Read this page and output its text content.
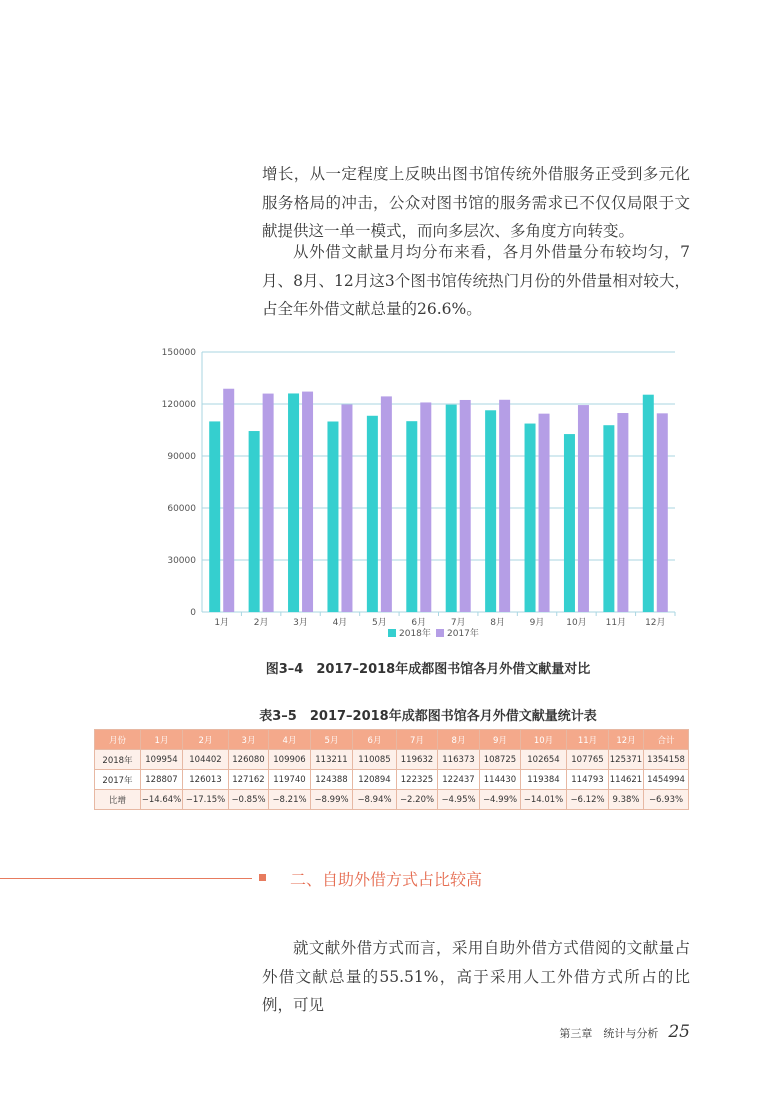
增长，从一定程度上反映出图书馆传统外借服务正受到多元化服务格局的冲击，公众对图书馆的服务需求已不仅仅局限于文献提供这一单一模式，而向多层次、多角度方向转变。

从外借文献量月均分布来看，各月外借量分布较均匀，7月、8月、12月这3个图书馆传统热门月份的外借量相对较大，占全年外借文献总量的26.6%。

0
30000
60000
90000
120000
150000
1月	2月	3月	4月	5月	6月	7月	8月	9月 10月 11月 12月
2018年 2017年
图3–4　2017–2018年成都图书馆各月外借文献量对比
表3–5　2017–2018年成都图书馆各月外借文献量统计表
月份	1月	2月	3月	4月	5月	6月	7月	8月	9月	10月	11月	12月	合计
2018年	109954	104402	126080	109906	113211	110085	119632	116373	108725	102654	107765	125371	1354158
2017年	128807	126013	127162	119740	124388	120894	122325	122437	114430	119384	114793	114621	1454994
比增	−14.64%	−17.15%	−0.85%	−8.21%	−8.99%	−8.94%	−2.20%	−4.95%	−4.99%	−14.01%	−6.12%	9.38%	−6.93%
二、自助外借方式占比较高

就文献外借方式而言，采用自助外借方式借阅的文献量占外借文献总量的55.51%，高于采用人工外借方式所占的比例，可见

第三章　统计与分析 25
